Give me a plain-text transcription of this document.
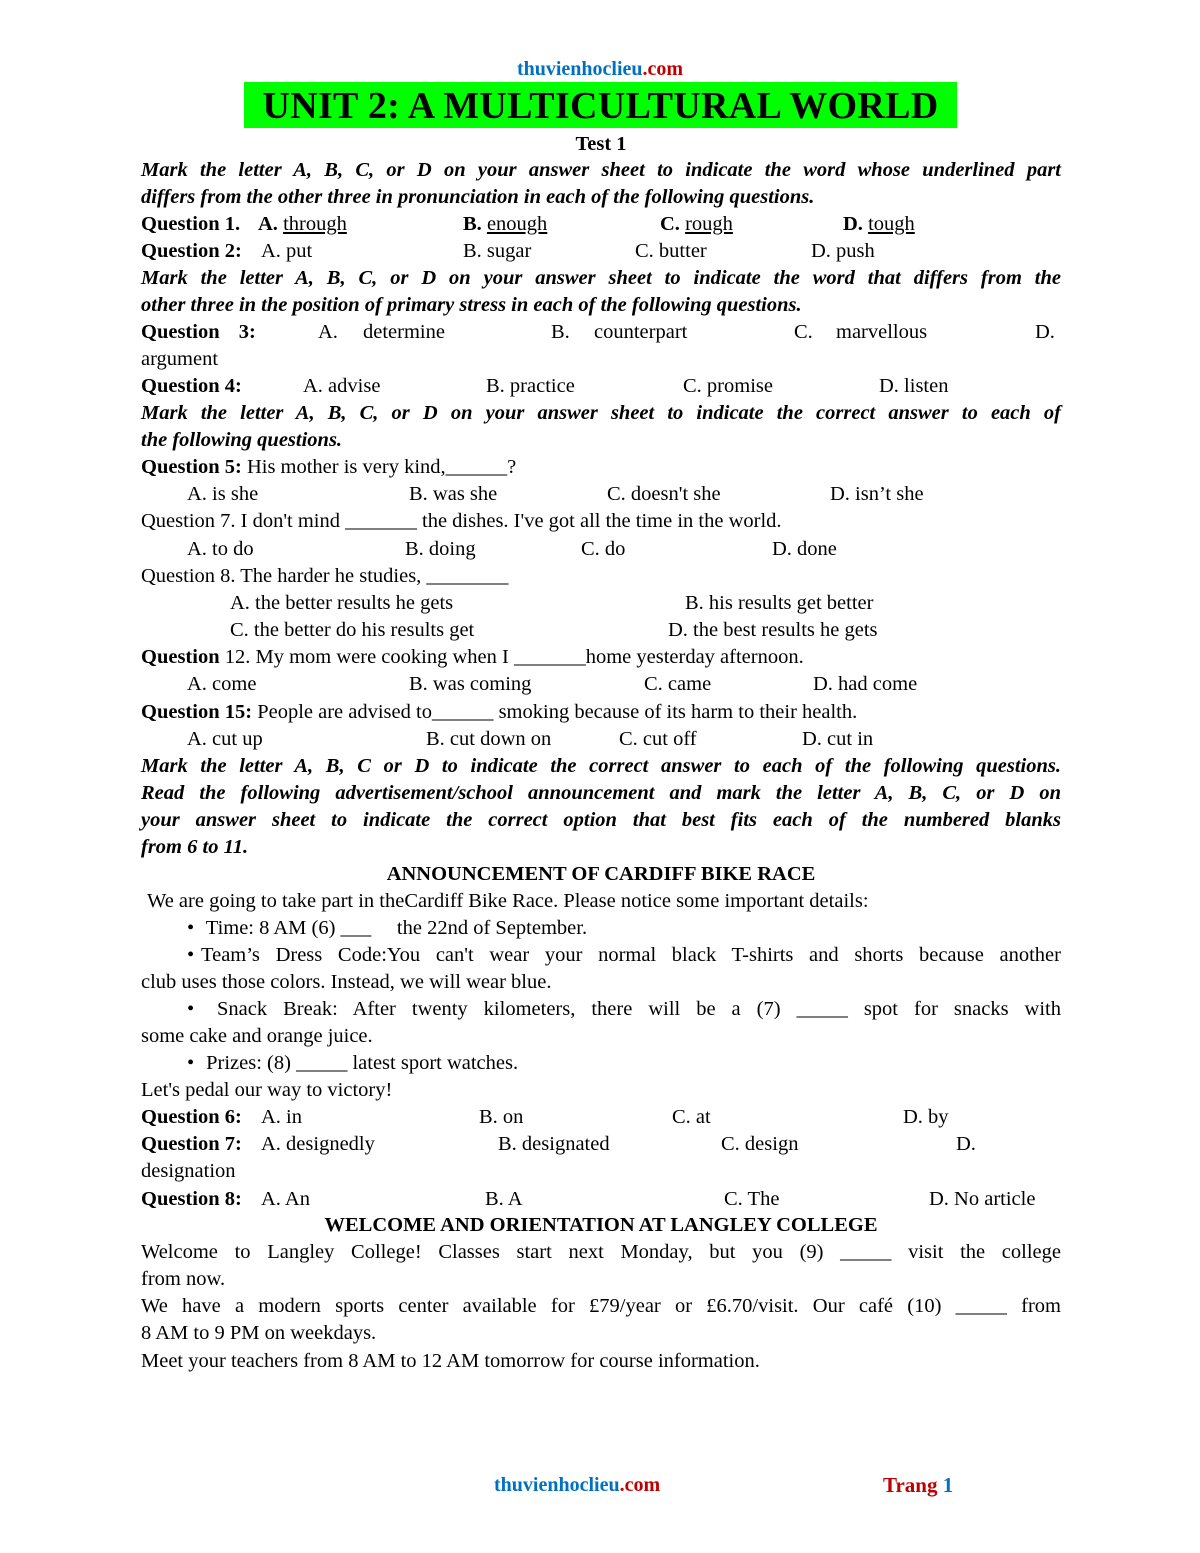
thuvienhoclieu.com
UNIT 2: A MULTICULTURAL WORLD
Test 1
Mark the letter A, B, C, or D on your answer sheet to indicate the word whose underlined part
differs from the other three in pronunciation in each of the following questions.
Question 1. A. through	B. enough	C. rough	D. tough
Question 2: A. put	B. sugar	C. butter	D. push
Mark the letter A, B, C, or D on your answer sheet to indicate the word that differs from the
other three in the position of primary stress in each of the following questions.
Question 3:	A. determine	B. counterpart	C. marvellous	D.
argument
Question 4:	A. advise	B. practice	C. promise	D. listen
Mark the letter A, B, C, or D on your answer sheet to indicate the correct answer to each of
the following questions.
Question 5: His mother is very kind,______?
A. is she	B. was she	C. doesn't she	D. isn’t she
Question 7. I don't mind _______ the dishes. I've got all the time in the world.
A. to do	B. doing	C. do	D. done
Question 8. The harder he studies, ________
A. the better results he gets	B. his results get better
C. the better do his results get	D. the best results he gets
Question 12. My mom were cooking when I _______home yesterday afternoon.
A. come	B. was coming	C. came	D. had come
Question 15: People are advised to______ smoking because of its harm to their health.
A. cut up	B. cut down on	C. cut off	D. cut in
Mark the letter A, B, C or D to indicate the correct answer to each of the following questions.
Read the following advertisement/school announcement and mark the letter A, B, C, or D on
your answer sheet to indicate the correct option that best fits each of the numbered blanks
from 6 to 11.
ANNOUNCEMENT OF CARDIFF BIKE RACE
We are going to take part in theCardiff Bike Race. Please notice some important details:
• Time: 8 AM (6) ___     the 22nd of September.
• Team’s Dress Code:You can't wear your normal black T-shirts and shorts because another
club uses those colors. Instead, we will wear blue.
• Snack Break: After twenty kilometers, there will be a (7) _____ spot for snacks with
some cake and orange juice.
• Prizes: (8) _____ latest sport watches.
Let's pedal our way to victory!
Question 6: A. in	B. on	C. at	D. by
Question 7: A. designedly	B. designated	C. design	D.
designation
Question 8: A. An	B. A	C. The	D. No article
WELCOME AND ORIENTATION AT LANGLEY COLLEGE
Welcome to Langley College! Classes start next Monday, but you (9) _____ visit the college
from now.
We have a modern sports center available for £79/year or £6.70/visit. Our café (10) _____ from
8 AM to 9 PM on weekdays.
Meet your teachers from 8 AM to 12 AM tomorrow for course information.
thuvienhoclieu.com	Trang 1
